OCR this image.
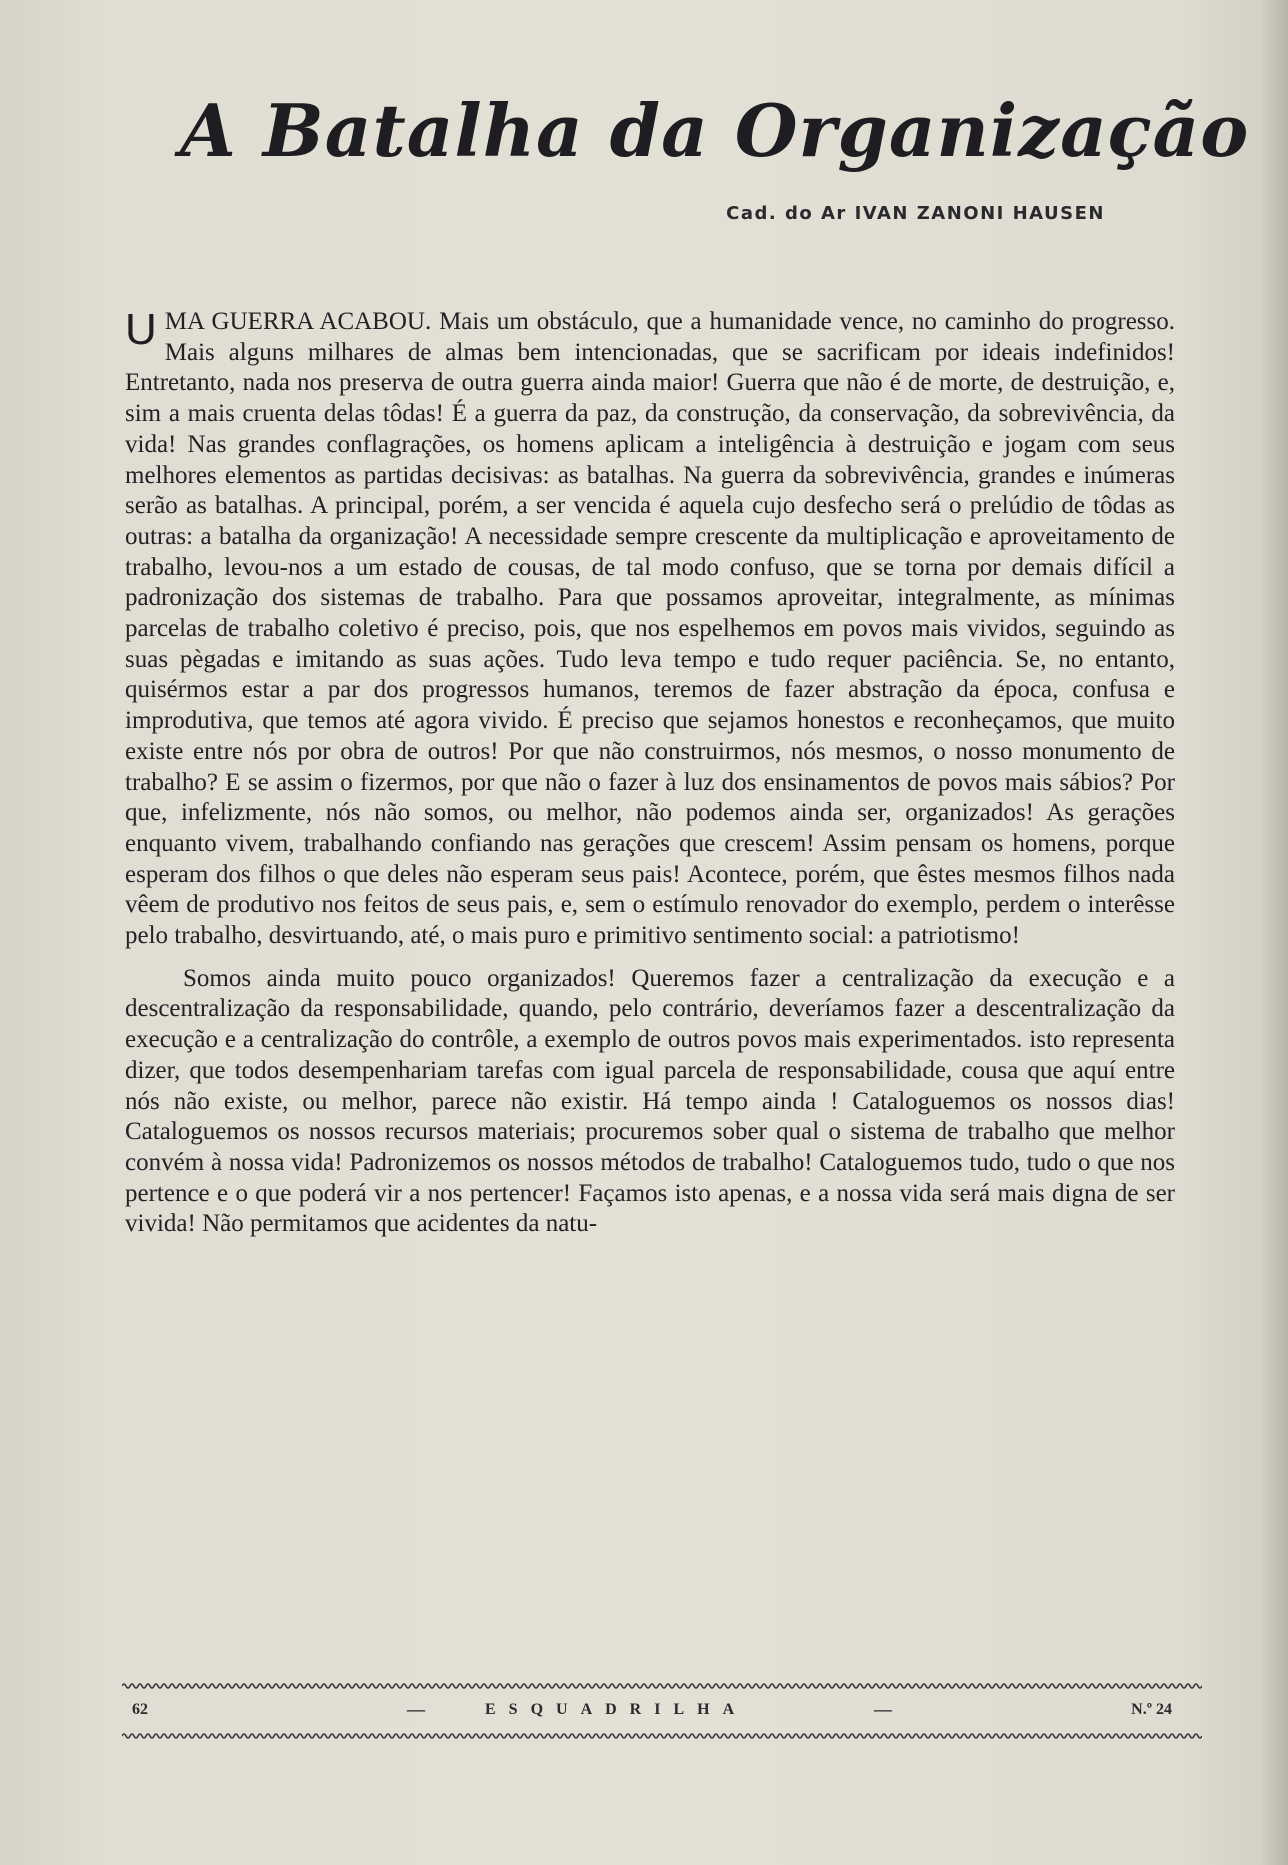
A Batalha da Organização
Cad. do Ar IVAN ZANONI HAUSEN

UMA GUERRA ACABOU. Mais um obstáculo, que a humanidade vence, no caminho do progresso. Mais alguns milhares de almas bem intencionadas, que se sacrificam por ideais indefinidos! Entretanto, nada nos preserva de outra guerra ainda maior! Guerra que não é de morte, de destruição, e, sim a mais cruenta delas tôdas! É a guerra da paz, da construção, da conservação, da sobrevivência, da vida! Nas grandes conflagrações, os homens aplicam a inteligência à destruição e jogam com seus melhores elementos as partidas decisivas: as batalhas. Na guerra da sobrevivência, grandes e inúmeras serão as batalhas. A principal, porém, a ser vencida é aquela cujo desfecho será o prelúdio de tôdas as outras: a batalha da organização! A necessidade sempre crescente da multiplicação e aproveitamento de trabalho, levou-nos a um estado de cousas, de tal modo confuso, que se torna por demais difícil a padronização dos sistemas de trabalho. Para que possamos aproveitar, integralmente, as mínimas parcelas de trabalho coletivo é preciso, pois, que nos espelhemos em povos mais vividos, seguindo as suas pègadas e imitando as suas ações. Tudo leva tempo e tudo requer paciência. Se, no entanto, quisérmos estar a par dos progressos humanos, teremos de fazer abstração da época, confusa e improdutiva, que temos até agora vivido. É preciso que sejamos honestos e reconheçamos, que muito existe entre nós por obra de outros! Por que não construirmos, nós mesmos, o nosso monumento de trabalho? E se assim o fizermos, por que não o fazer à luz dos ensinamentos de povos mais sábios? Por que, infelizmente, nós não somos, ou melhor, não podemos ainda ser, organizados! As gerações enquanto vivem, trabalhando confiando nas gerações que crescem! Assim pensam os homens, porque esperam dos filhos o que deles não esperam seus pais! Acontece, porém, que êstes mesmos filhos nada vêem de produtivo nos feitos de seus pais, e, sem o estímulo renovador do exemplo, perdem o interêsse pelo trabalho, desvirtuando, até, o mais puro e primitivo sentimento social: a patriotismo!

Somos ainda muito pouco organizados! Queremos fazer a centralização da execução e a descentralização da responsabilidade, quando, pelo contrário, deveríamos fazer a descentralização da execução e a centralização do contrôle, a exemplo de outros povos mais experimentados. isto representa dizer, que todos desempenhariam tarefas com igual parcela de responsabilidade, cousa que aquí entre nós não existe, ou melhor, parece não existir. Há tempo ainda ! Cataloguemos os nossos dias! Cataloguemos os nossos recursos materiais; procuremos sober qual o sistema de trabalho que melhor convém à nossa vida! Padronizemos os nossos métodos de trabalho! Cataloguemos tudo, tudo o que nos pertence e o que poderá vir a nos pertencer! Façamos isto apenas, e a nossa vida será mais digna de ser vivida! Não permitamos que acidentes da natu-

62	—	ESQUADRILHA	—	N.º 24
